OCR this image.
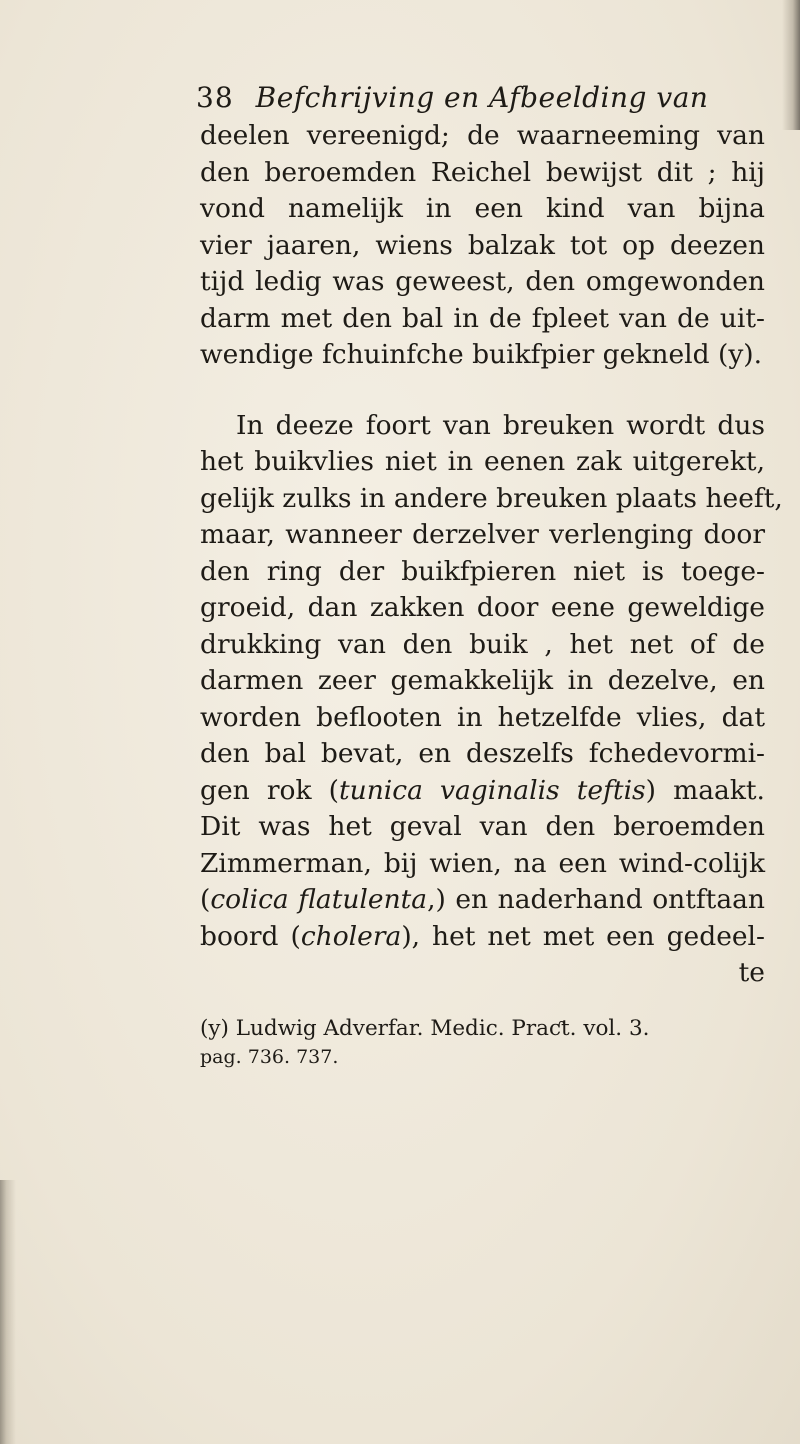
38 Befchrijving en Afbeelding van
deelen vereenigd; de waarneeming van
den beroemden Reichel bewijst dit ; hij
vond namelijk in een kind van bijna
vier jaaren, wiens balzak tot op deezen
tijd ledig was geweest, den omgewonden
darm met den bal in de fpleet van de uit-
wendige fchuinfche buikfpier gekneld (y).
In deeze foort van breuken wordt dus
het buikvlies niet in eenen zak uitgerekt,
gelijk zulks in andere breuken plaats heeft,
maar, wanneer derzelver verlenging door
den ring der buikfpieren niet is toege-
groeid, dan zakken door eene geweldige
drukking van den buik , het net of de
darmen zeer gemakkelijk in dezelve, en
worden beflooten in hetzelfde vlies, dat
den bal bevat, en deszelfs fchedevormi-
gen rok (tunica vaginalis teftis) maakt.
Dit was het geval van den beroemden
Zimmerman, bij wien, na een wind-colijk
(colica flatulenta,) en naderhand ontftaan
boord (cholera), het net met een gedeel-
te
(y) Ludwig Adverfar. Medic. Praƈt. vol. 3.
pag. 736. 737.
